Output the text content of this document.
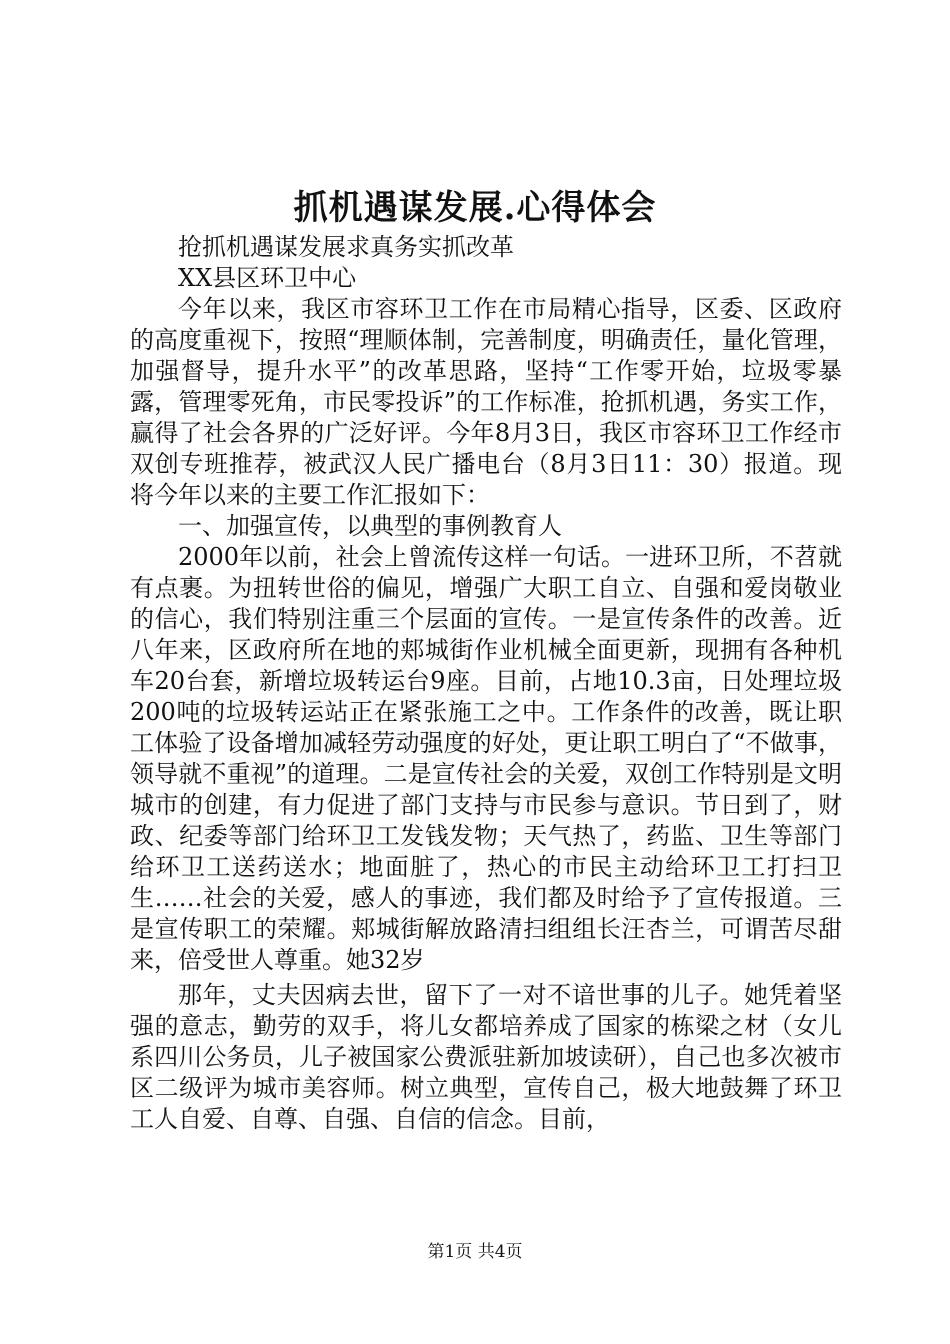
抓机遇谋发展.心得体会

抢抓机遇谋发展求真务实抓改革

XX县区环卫中心

今年以来，我区市容环卫工作在市局精心指导，区委、区政府的高度重视下，按照“理顺体制，完善制度，明确责任，量化管理，加强督导，提升水平”的改革思路，坚持“工作零开始，垃圾零暴露，管理零死角，市民零投诉”的工作标准，抢抓机遇，务实工作，赢得了社会各界的广泛好评。今年8月3日，我区市容环卫工作经市双创专班推荐，被武汉人民广播电台（8月3日11：30）报道。现将今年以来的主要工作汇报如下：

一、加强宣传，以典型的事例教育人

2000年以前，社会上曾流传这样一句话。一进环卫所，不苕就有点裹。为扭转世俗的偏见，增强广大职工自立、自强和爱岗敬业的信心，我们特别注重三个层面的宣传。一是宣传条件的改善。近八年来，区政府所在地的郏城街作业机械全面更新，现拥有各种机车20台套，新增垃圾转运台9座。目前，占地10.3亩，日处理垃圾200吨的垃圾转运站正在紧张施工之中。工作条件的改善，既让职工体验了设备增加减轻劳动强度的好处，更让职工明白了“不做事，领导就不重视”的道理。二是宣传社会的关爱，双创工作特别是文明城市的创建，有力促进了部门支持与市民参与意识。节日到了，财政、纪委等部门给环卫工发钱发物；天气热了，药监、卫生等部门给环卫工送药送水；地面脏了，热心的市民主动给环卫工打扫卫生……社会的关爱，感人的事迹，我们都及时给予了宣传报道。三是宣传职工的荣耀。郏城街解放路清扫组组长汪杏兰，可谓苦尽甜来，倍受世人尊重。她32岁

那年，丈夫因病去世，留下了一对不谙世事的儿子。她凭着坚强的意志，勤劳的双手，将儿女都培养成了国家的栋梁之材（女儿系四川公务员，儿子被国家公费派驻新加坡读研），自己也多次被市区二级评为城市美容师。树立典型，宣传自己，极大地鼓舞了环卫工人自爱、自尊、自强、自信的信念。目前，

第1页 共4页
